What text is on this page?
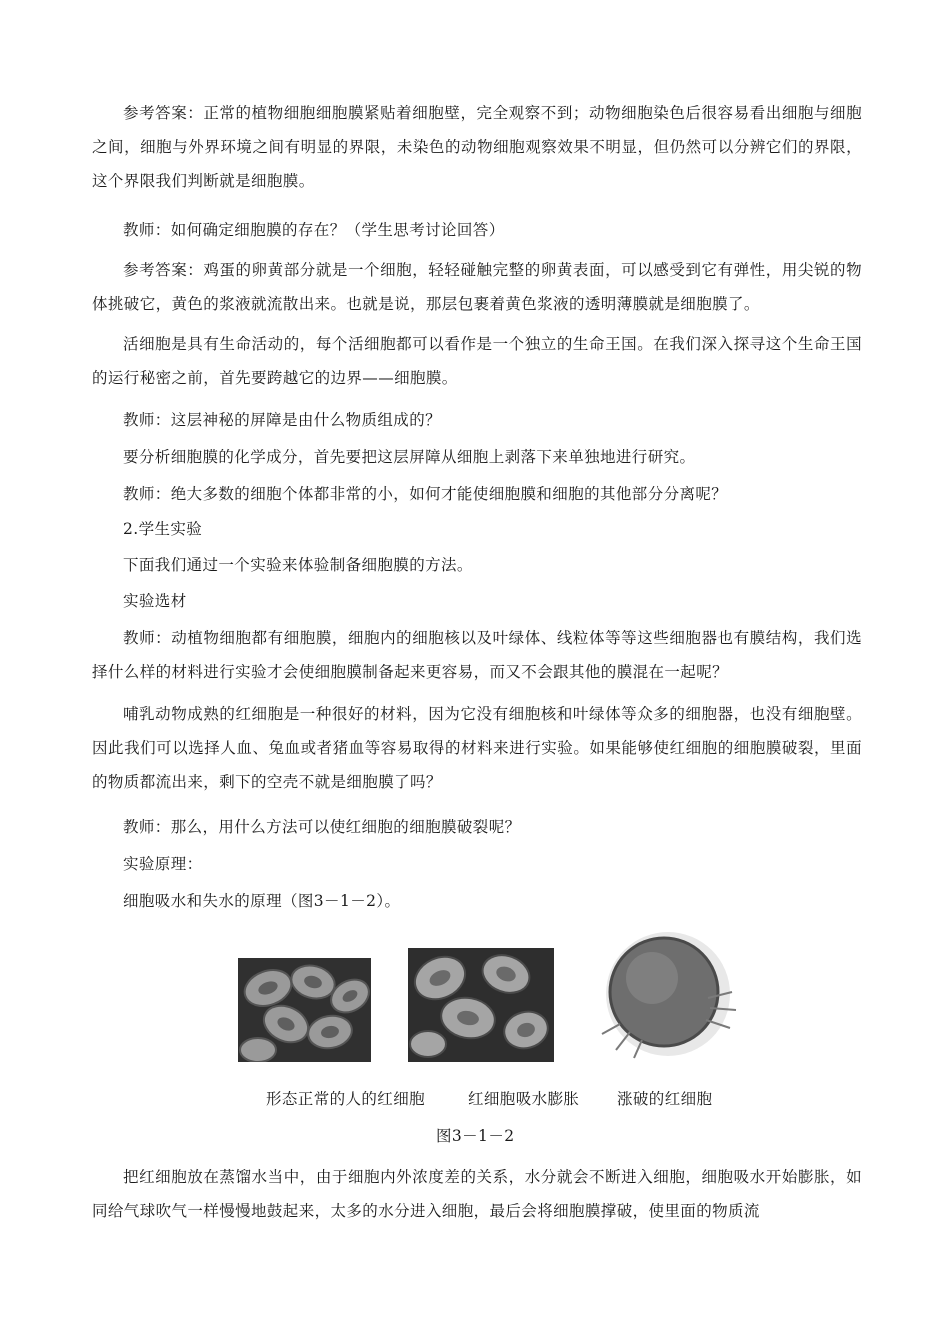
参考答案：正常的植物细胞细胞膜紧贴着细胞壁，完全观察不到；动物细胞染色后很容易看出细胞与细胞之间，细胞与外界环境之间有明显的界限，未染色的动物细胞观察效果不明显，但仍然可以分辨它们的界限，这个界限我们判断就是细胞膜。

教师：如何确定细胞膜的存在？（学生思考讨论回答）

参考答案：鸡蛋的卵黄部分就是一个细胞，轻轻碰触完整的卵黄表面，可以感受到它有弹性，用尖锐的物体挑破它，黄色的浆液就流散出来。也就是说，那层包裹着黄色浆液的透明薄膜就是细胞膜了。

活细胞是具有生命活动的，每个活细胞都可以看作是一个独立的生命王国。在我们深入探寻这个生命王国的运行秘密之前，首先要跨越它的边界——细胞膜。

教师：这层神秘的屏障是由什么物质组成的？

要分析细胞膜的化学成分，首先要把这层屏障从细胞上剥落下来单独地进行研究。

教师：绝大多数的细胞个体都非常的小，如何才能使细胞膜和细胞的其他部分分离呢？

2.学生实验

下面我们通过一个实验来体验制备细胞膜的方法。

实验选材

教师：动植物细胞都有细胞膜，细胞内的细胞核以及叶绿体、线粒体等等这些细胞器也有膜结构，我们选择什么样的材料进行实验才会使细胞膜制备起来更容易，而又不会跟其他的膜混在一起呢？

哺乳动物成熟的红细胞是一种很好的材料，因为它没有细胞核和叶绿体等众多的细胞器，也没有细胞壁。因此我们可以选择人血、兔血或者猪血等容易取得的材料来进行实验。如果能够使红细胞的细胞膜破裂，里面的物质都流出来，剩下的空壳不就是细胞膜了吗？

教师：那么，用什么方法可以使红细胞的细胞膜破裂呢？

实验原理：

细胞吸水和失水的原理（图3－1－2）。

形态正常的人的红细胞	红细胞吸水膨胀 涨破的红细胞
图3－1－2

把红细胞放在蒸馏水当中，由于细胞内外浓度差的关系，水分就会不断进入细胞，细胞吸水开始膨胀，如同给气球吹气一样慢慢地鼓起来，太多的水分进入细胞，最后会将细胞膜撑破，使里面的物质流
